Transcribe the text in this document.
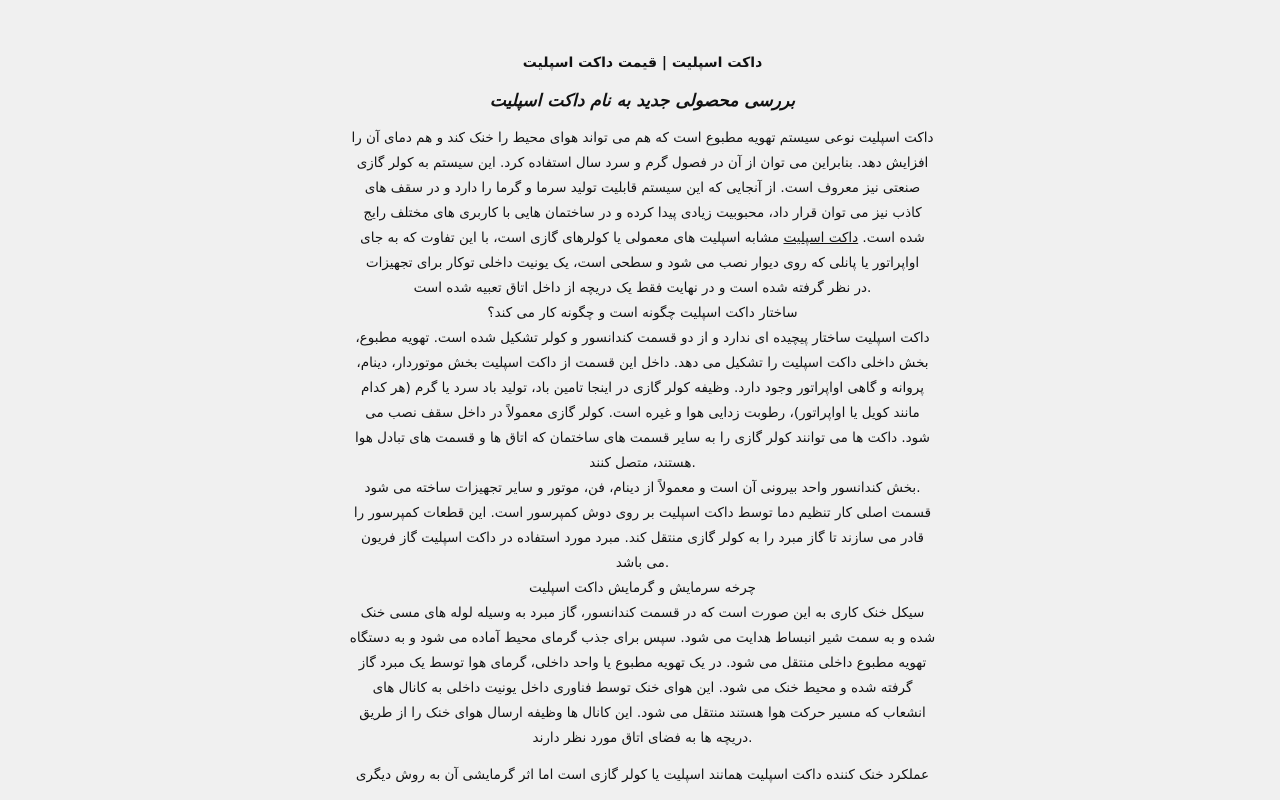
داکت اسپلیت | قیمت داکت اسپلیت
بررسی محصولی جدید به نام داکت اسپلیت
داکت اسپلیت نوعی سیستم تهویه مطبوع است که هم می تواند هوای محیط را خنک کند و هم دمای آن را
افزایش دهد. بنابراین می توان از آن در فصول گرم و سرد سال استفاده کرد. این سیستم به کولر گازی
صنعتی نیز معروف است. از آنجایی که این سیستم قابلیت تولید سرما و گرما را دارد و در سقف های
کاذب نیز می توان قرار داد، محبوبیت زیادی پیدا کرده و در ساختمان هایی با کاربری های مختلف رایج
شده است. داکت اسپلیت مشابه اسپلیت های معمولی یا کولرهای گازی است، با این تفاوت که به جای
اواپراتور یا پانلی که روی دیوار نصب می شود و سطحی است، یک یونیت داخلی توکار برای تجهیزات
.در نظر گرفته شده است و در نهایت فقط یک دریچه از داخل اتاق تعبیه شده است
ساختار داکت اسپلیت چگونه است و چگونه کار می کند؟
داکت اسپلیت ساختار پیچیده ای ندارد و از دو قسمت کندانسور و کولر تشکیل شده است. تهویه مطبوع،
بخش داخلی داکت اسپلیت را تشکیل می دهد. داخل این قسمت از داکت اسپلیت بخش موتوردار، دینام،
پروانه و گاهی اواپراتور وجود دارد. وظیفه کولر گازی در اینجا تامین باد، تولید باد سرد یا گرم (هر کدام
مانند کویل یا اواپراتور)، رطوبت زدایی هوا و غیره است. کولر گازی معمولاً در داخل سقف نصب می
شود. داکت ها می توانند کولر گازی را به سایر قسمت های ساختمان که اتاق ها و قسمت های تبادل هوا
.هستند، متصل کنند
.بخش کندانسور واحد بیرونی آن است و معمولاً از دینام، فن، موتور و سایر تجهیزات ساخته می شود
قسمت اصلی کار تنظیم دما توسط داکت اسپلیت بر روی دوش کمپرسور است. این قطعات کمپرسور را
قادر می سازند تا گاز مبرد را به کولر گازی منتقل کند. مبرد مورد استفاده در داکت اسپلیت گاز فریون
.می باشد
چرخه سرمایش و گرمایش داکت اسپلیت
سیکل خنک کاری به این صورت است که در قسمت کندانسور، گاز مبرد به وسیله لوله های مسی خنک
شده و به سمت شیر انبساط هدایت می شود. سپس برای جذب گرمای محیط آماده می شود و به دستگاه
تهویه مطبوع داخلی منتقل می شود. در یک تهویه مطبوع یا واحد داخلی، گرمای هوا توسط یک مبرد گاز
گرفته شده و محیط خنک می شود. این هوای خنک توسط فناوری داخل یونیت داخلی به کانال های
انشعاب که مسیر حرکت هوا هستند منتقل می شود. این کانال ها وظیفه ارسال هوای خنک را از طریق
.دریچه ها به فضای اتاق مورد نظر دارند
عملکرد خنک کننده داکت اسپلیت همانند اسپلیت یا کولر گازی است اما اثر گرمایشی آن به روش دیگری
